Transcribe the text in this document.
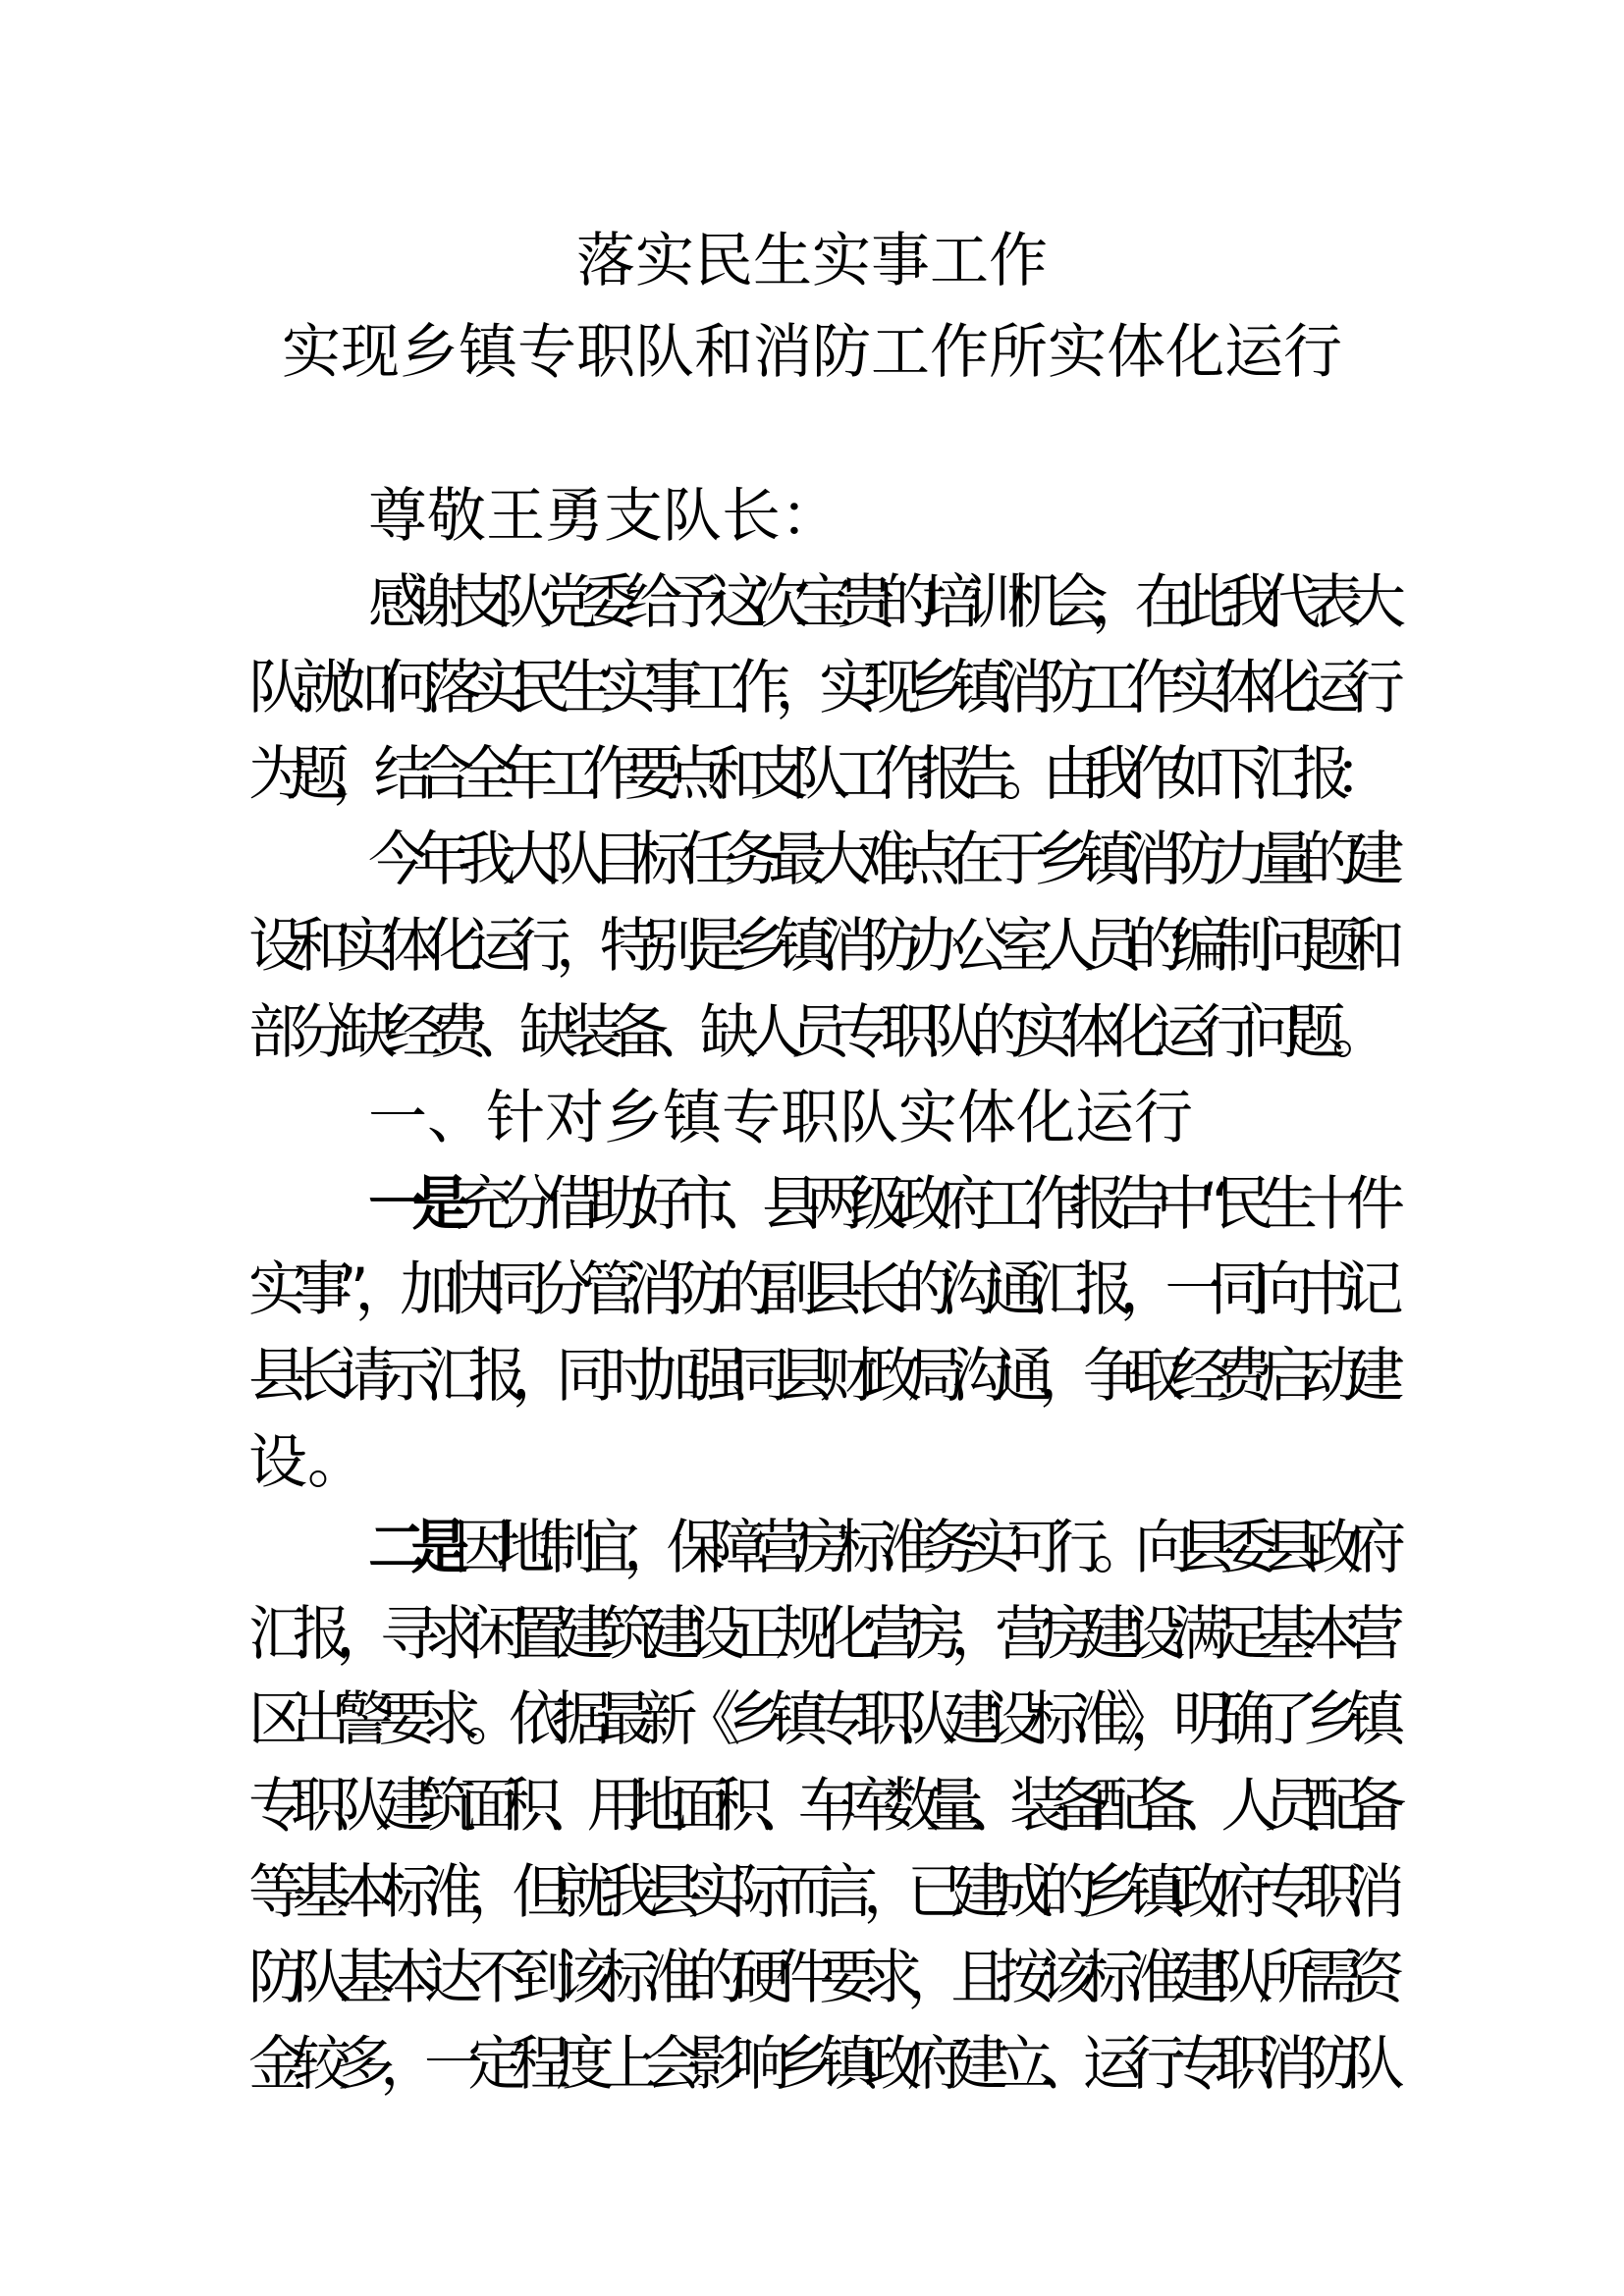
落实民生实事工作
实现乡镇专职队和消防工作所实体化运行
尊敬王勇支队长：
感谢支队党委给予这次宝贵的培训机会，在此我代表大
队就如何落实民生实事工作，实现乡镇消防工作实体化运行
为题，结合全年工作要点和支队工作报告。由我作如下汇报：
今年我大队目标任务最大难点在于乡镇消防力量的建
设和实体化运行，特别是乡镇消防办公室人员的编制问题和
部分缺经费、缺装备、缺人员专职队的实体化运行问题。
一、针对乡镇专职队实体化运行
一是充分借助好市、县两级政府工作报告中“民生十件
实事”，加快同分管消防的副县长的沟通汇报，一同向书记
县长请示汇报，同时加强同县财政局沟通，争取经费启动建
设。
二是因地制宜，保障营房标准务实可行。向县委县政府
汇报，寻求闲置建筑建设正规化营房，营房建设满足基本营
区出警要求。依据最新《乡镇专职队建设标准》，明确了乡镇
专职队建筑面积、用地面积、车库数量、装备配备、人员配备
等基本标准，但就我县实际而言，已建成的乡镇政府专职消
防队基本达不到该标准的硬件要求，且按该标准建队所需资
金较多，一定程度上会影响乡镇政府建立、运行专职消防队
